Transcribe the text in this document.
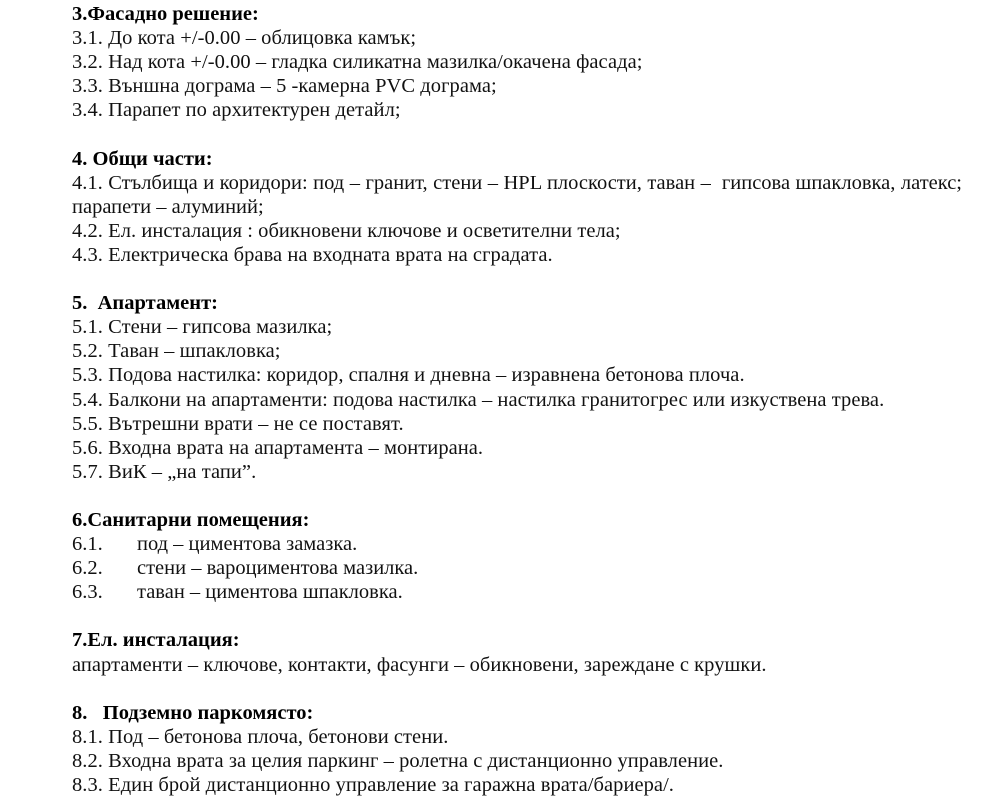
3.Фасадно решение:
3.1. До кота +/-0.00 – облицовка камък;
3.2. Над кота +/-0.00 – гладка силикатна мазилка/окачена фасада;
3.3. Външна дограма – 5 -камерна PVC дограма;
3.4. Парапет по архитектурен детайл;
4. Общи части:
4.1. Стълбища и коридори: под – гранит, стени – HPL плоскости, таван –  гипсова шпакловка, латекс; парапети – алуминий;
4.2. Ел. инсталация : обикновени ключове и осветителни тела;
4.3. Електрическа брава на входната врата на сградата.
5.  Апартамент:
5.1. Стени – гипсова мазилка;
5.2. Таван – шпакловка;
5.3. Подова настилка: коридор, спалня и дневна – изравнена бетонова плоча.
5.4. Балкони на апартаменти: подова настилка – настилка гранитогрес или изкуствена трева.
5.5. Вътрешни врати – не се поставят.
5.6. Входна врата на апартамента – монтирана.
5.7. ВиК – „на тапи”.
6.Санитарни помещения:
6.1.	под – циментова замазка.
6.2.	стени – вароциментова мазилка.
6.3.	таван – циментова шпакловка.
7.Ел. инсталация:
апартаменти – ключове, контакти, фасунги – обикновени, зареждане с крушки.
8.   Подземно паркомясто:
8.1. Под – бетонова плоча, бетонови стени.
8.2. Входна врата за целия паркинг – ролетна с дистанционно управление.
8.3. Един брой дистанционно управление за гаражна врата/бариера/.
